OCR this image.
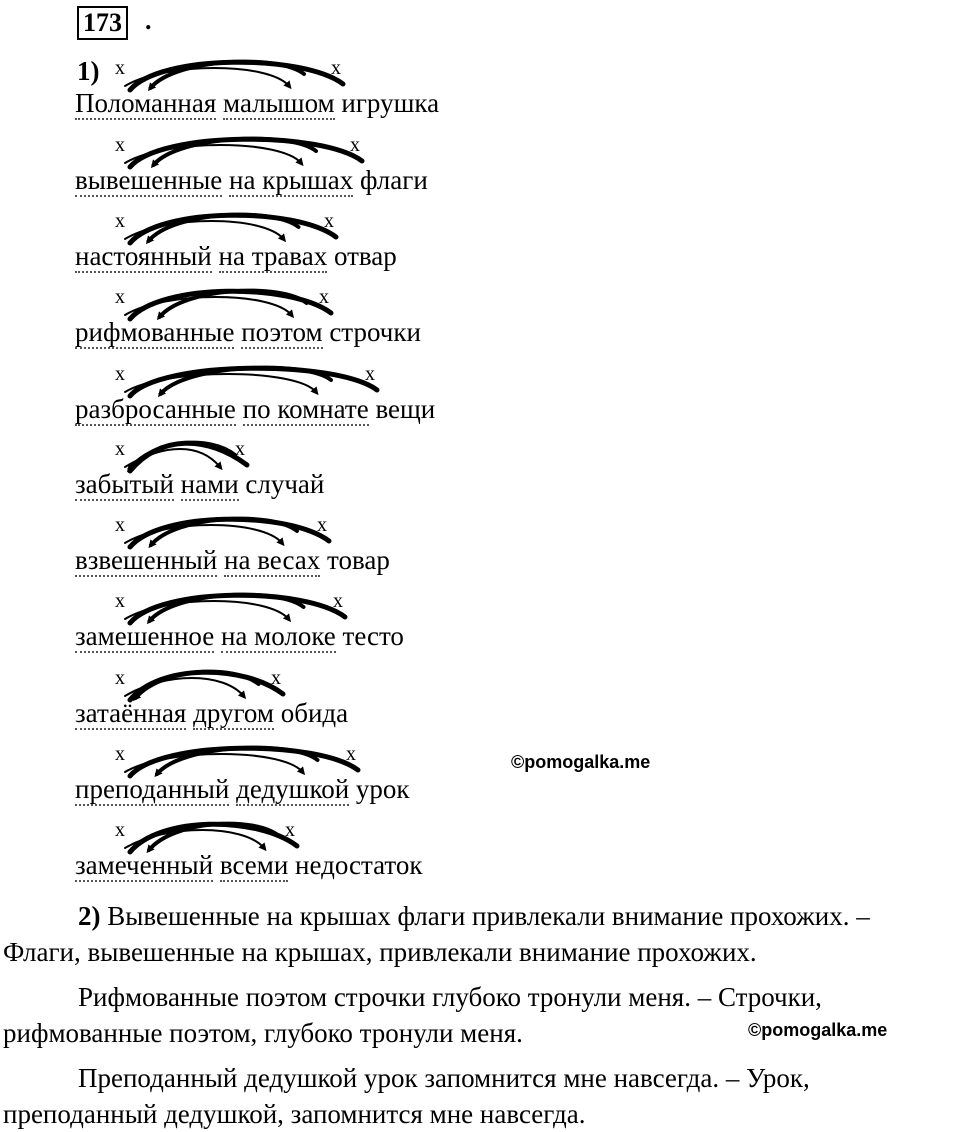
173 .
1)
Поломанная малышом игрушка
вывешенные на крышах флаги
настоянный на травах отвар
рифмованные поэтом строчки
разбросанные по комнате вещи
забытый нами случай
взвешенный на весах товар
замешенное на молоке тесто
затаённая другом обида
преподанный дедушкой урок
замеченный всеми недостаток
©pomogalka.me
2) Вывешенные на крышах флаги привлекали внимание прохожих. – Флаги, вывешенные на крышах, привлекали внимание прохожих.
Рифмованные поэтом строчки глубоко тронули меня. – Строчки, рифмованные поэтом, глубоко тронули меня.	©pomogalka.me
Преподанный дедушкой урок запомнится мне навсегда. – Урок, преподанный дедушкой, запомнится мне навсегда.
x	x
x	x
x	x
x	x
x	x
x	x
x	x
x	x
x	x
x	x
x	x
